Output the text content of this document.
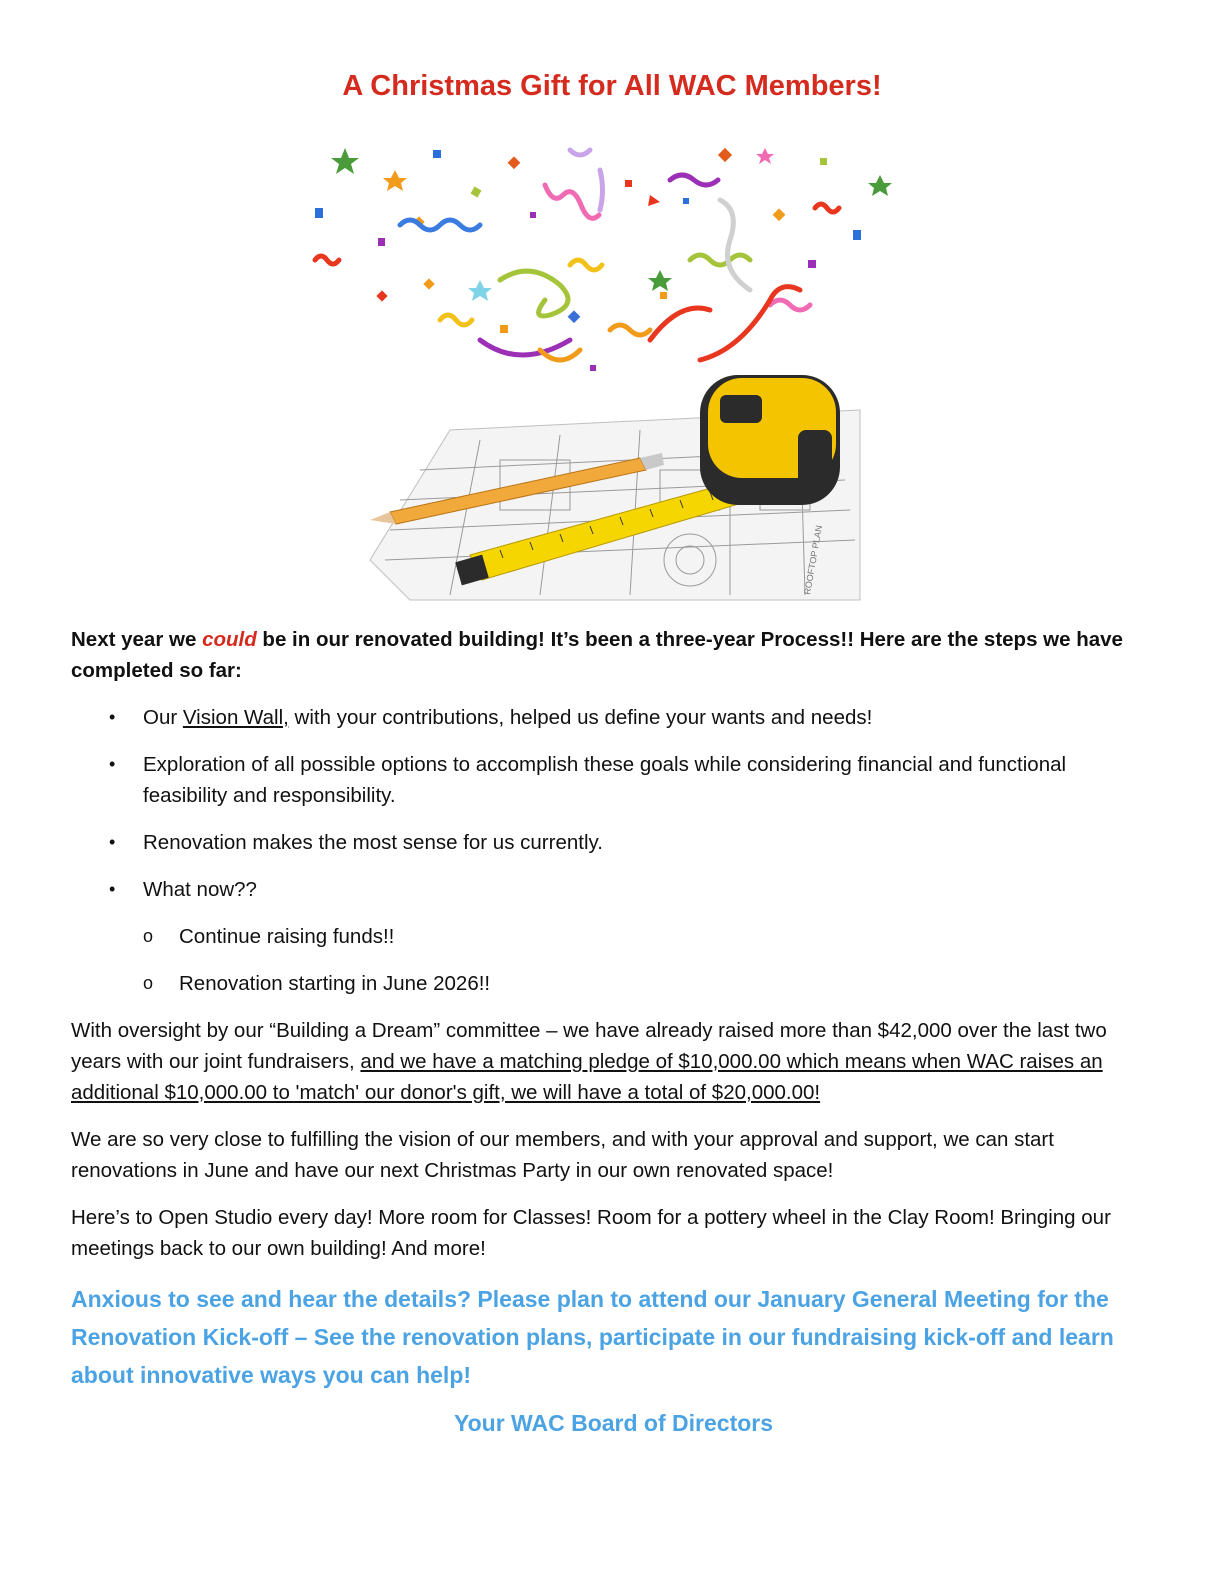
A Christmas Gift for All WAC Members!
ROOFTOP PLAN

Next year we could be in our renovated building! It’s been a three-year Process!! Here are the steps we have completed so far:

• Our Vision Wall, with your contributions, helped us define your wants and needs!
• Exploration of all possible options to accomplish these goals while considering financial and functional feasibility and responsibility.
• Renovation makes the most sense for us currently.
• What now??
o Continue raising funds!!
o Renovation starting in June 2026!!

With oversight by our “Building a Dream” committee – we have already raised more than $42,000 over the last two years with our joint fundraisers, and we have a matching pledge of $10,000.00 which means when WAC raises an additional $10,000.00 to 'match' our donor's gift, we will have a total of $20,000.00!

We are so very close to fulfilling the vision of our members, and with your approval and support, we can start renovations in June and have our next Christmas Party in our own renovated space!

Here’s to Open Studio every day! More room for Classes! Room for a pottery wheel in the Clay Room! Bringing our meetings back to our own building! And more!

Anxious to see and hear the details? Please plan to attend our January General Meeting for the Renovation Kick-off – See the renovation plans, participate in our fundraising kick-off and learn about innovative ways you can help!

Your WAC Board of Directors
